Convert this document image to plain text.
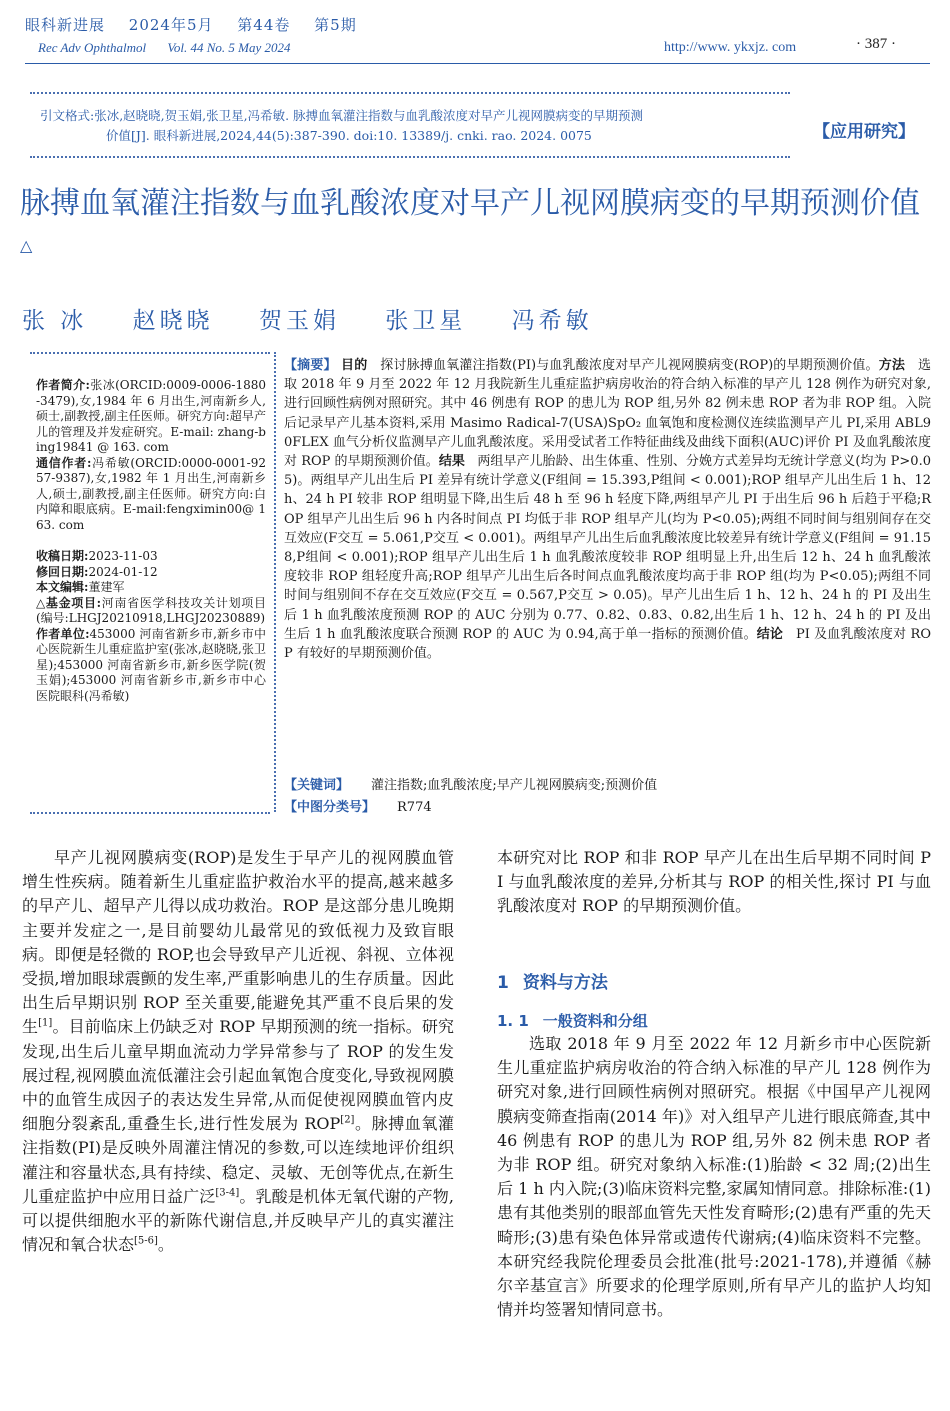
眼科新进展 2024年5月 第44卷 第5期
Rec Adv Ophthalmol Vol. 44 No. 5 May 2024	http://www. ykxjz. com	· 387 ·
引文格式:张冰,赵晓晓,贺玉娟,张卫星,冯希敏. 脉搏血氧灌注指数与血乳酸浓度对早产儿视网膜病变的早期预测
价值[J]. 眼科新进展,2024,44(5):387-390. doi:10. 13389/j. cnki. rao. 2024. 0075	【应用研究】
脉搏血氧灌注指数与血乳酸浓度对早产儿视网膜病变的早期预测价值△
张 冰 赵晓晓 贺玉娟 张卫星 冯希敏
作者简介:张冰(ORCID:0009-0006-1880-3479),女,1984 年 6 月出生,河南新乡人,硕士,副教授,副主任医师。研究方向:超早产儿的管理及并发症研究。E-mail: zhang-bing19841 @ 163. com
通信作者:冯希敏(ORCID:0000-0001-9257-9387),女,1982 年 1 月出生,河南新乡人,硕士,副教授,副主任医师。研究方向:白内障和眼底病。E-mail:fengximin00@ 163. com
收稿日期:2023-11-03
修回日期:2024-01-12
本文编辑:董建军
△基金项目:河南省医学科技攻关计划项目(编号:LHGJ20210918,LHGJ20230889)
作者单位:453000 河南省新乡市,新乡市中心医院新生儿重症监护室(张冰,赵晓晓,张卫星);453000 河南省新乡市,新乡医学院(贺玉娟);453000 河南省新乡市,新乡市中心医院眼科(冯希敏)
【摘要】 目的 探讨脉搏血氧灌注指数(PI)与血乳酸浓度对早产儿视网膜病变(ROP)的早期预测价值。方法 选取 2018 年 9 月至 2022 年 12 月我院新生儿重症监护病房收治的符合纳入标准的早产儿 128 例作为研究对象,进行回顾性病例对照研究。其中 46 例患有 ROP 的患儿为 ROP 组,另外 82 例未患 ROP 者为非 ROP 组。入院后记录早产儿基本资料,采用 Masimo Radical-7(USA)SpO₂ 血氧饱和度检测仪连续监测早产儿 PI,采用 ABL90FLEX 血气分析仪监测早产儿血乳酸浓度。采用受试者工作特征曲线及曲线下面积(AUC)评价 PI 及血乳酸浓度对 ROP 的早期预测价值。结果 两组早产儿胎龄、出生体重、性别、分娩方式差异均无统计学意义(均为 P>0.05)。两组早产儿出生后 PI 差异有统计学意义(F组间 = 15.393,P组间 < 0.001);ROP 组早产儿出生后 1 h、12 h、24 h PI 较非 ROP 组明显下降,出生后 48 h 至 96 h 轻度下降,两组早产儿 PI 于出生后 96 h 后趋于平稳;ROP 组早产儿出生后 96 h 内各时间点 PI 均低于非 ROP 组早产儿(均为 P<0.05);两组不同时间与组别间存在交互效应(F交互 = 5.061,P交互 < 0.001)。两组早产儿出生后血乳酸浓度比较差异有统计学意义(F组间 = 91.158,P组间 < 0.001);ROP 组早产儿出生后 1 h 血乳酸浓度较非 ROP 组明显上升,出生后 12 h、24 h 血乳酸浓度较非 ROP 组轻度升高;ROP 组早产儿出生后各时间点血乳酸浓度均高于非 ROP 组(均为 P<0.05);两组不同时间与组别间不存在交互效应(F交互 = 0.567,P交互 > 0.05)。早产儿出生后 1 h、12 h、24 h 的 PI 及出生后 1 h 血乳酸浓度预测 ROP 的 AUC 分别为 0.77、0.82、0.83、0.82,出生后 1 h、12 h、24 h 的 PI 及出生后 1 h 血乳酸浓度联合预测 ROP 的 AUC 为 0.94,高于单一指标的预测价值。结论 PI 及血乳酸浓度对 ROP 有较好的早期预测价值。
【关键词】 灌注指数;血乳酸浓度;早产儿视网膜病变;预测价值
【中图分类号】 R774
早产儿视网膜病变(ROP)是发生于早产儿的视网膜血管增生性疾病。随着新生儿重症监护救治水平的提高,越来越多的早产儿、超早产儿得以成功救治。ROP 是这部分患儿晚期主要并发症之一,是目前婴幼儿最常见的致低视力及致盲眼病。即便是轻微的 ROP,也会导致早产儿近视、斜视、立体视受损,增加眼球震颤的发生率,严重影响患儿的生存质量。因此出生后早期识别 ROP 至关重要,能避免其严重不良后果的发生[1]。目前临床上仍缺乏对 ROP 早期预测的统一指标。研究发现,出生后儿童早期血流动力学异常参与了 ROP 的发生发展过程,视网膜血流低灌注会引起血氧饱合度变化,导致视网膜中的血管生成因子的表达发生异常,从而促使视网膜血管内皮细胞分裂紊乱,重叠生长,进行性发展为 ROP[2]。脉搏血氧灌注指数(PI)是反映外周灌注情况的参数,可以连续地评价组织灌注和容量状态,具有持续、稳定、灵敏、无创等优点,在新生儿重症监护中应用日益广泛[3-4]。乳酸是机体无氧代谢的产物,可以提供细胞水平的新陈代谢信息,并反映早产儿的真实灌注情况和氧合状态[5-6]。
本研究对比 ROP 和非 ROP 早产儿在出生后早期不同时间 PI 与血乳酸浓度的差异,分析其与 ROP 的相关性,探讨 PI 与血乳酸浓度对 ROP 的早期预测价值。
1 资料与方法
1. 1 一般资料和分组
选取 2018 年 9 月至 2022 年 12 月新乡市中心医院新生儿重症监护病房收治的符合纳入标准的早产儿 128 例作为研究对象,进行回顾性病例对照研究。根据《中国早产儿视网膜病变筛查指南(2014 年)》对入组早产儿进行眼底筛查,其中 46 例患有 ROP 的患儿为 ROP 组,另外 82 例未患 ROP 者为非 ROP 组。研究对象纳入标准:(1)胎龄 < 32 周;(2)出生后 1 h 内入院;(3)临床资料完整,家属知情同意。排除标准:(1)患有其他类别的眼部血管先天性发育畸形;(2)患有严重的先天畸形;(3)患有染色体异常或遗传代谢病;(4)临床资料不完整。本研究经我院伦理委员会批准(批号:2021-178),并遵循《赫尔辛基宣言》所要求的伦理学原则,所有早产儿的监护人均知情并均签署知情同意书。
